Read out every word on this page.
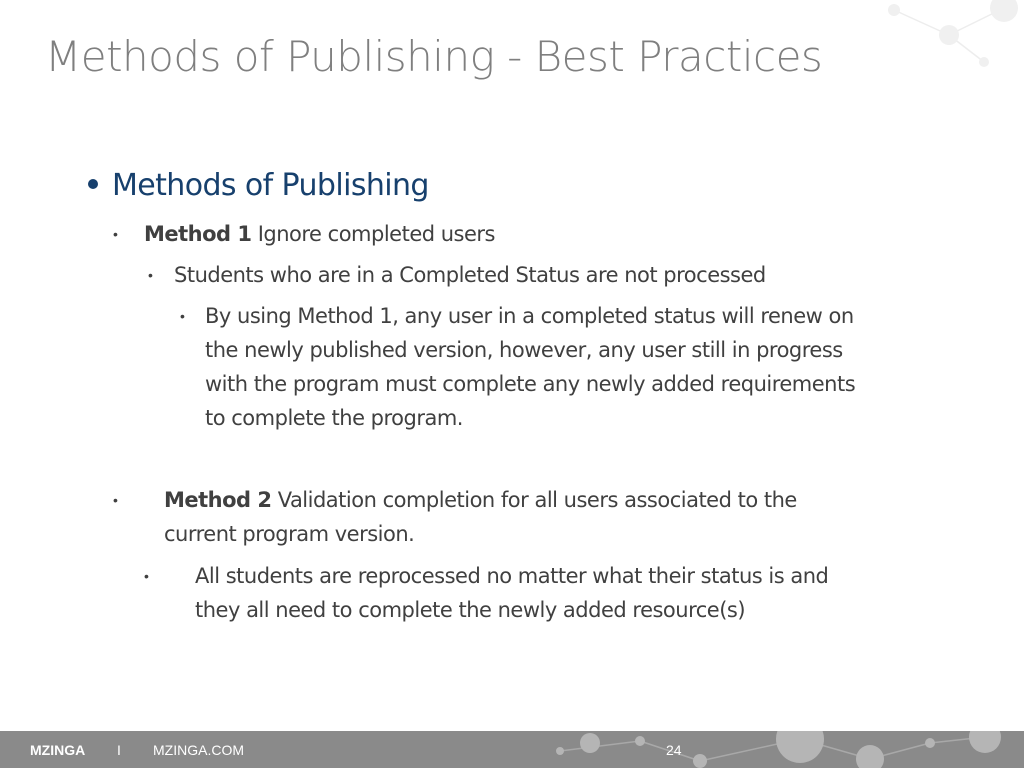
Methods of Publishing - Best Practices
Methods of Publishing
• Method 1 Ignore completed users
• Students who are in a Completed Status are not processed
• By using Method 1, any user in a completed status will renew on
the newly published version, however, any user still in progress
with the program must complete any newly added requirements
to complete the program.
• Method 2 Validation completion for all users associated to the
current program version.
• All students are reprocessed no matter what their status is and
they all need to complete the newly added resource(s)
MZINGA I MZINGA.COM	24
